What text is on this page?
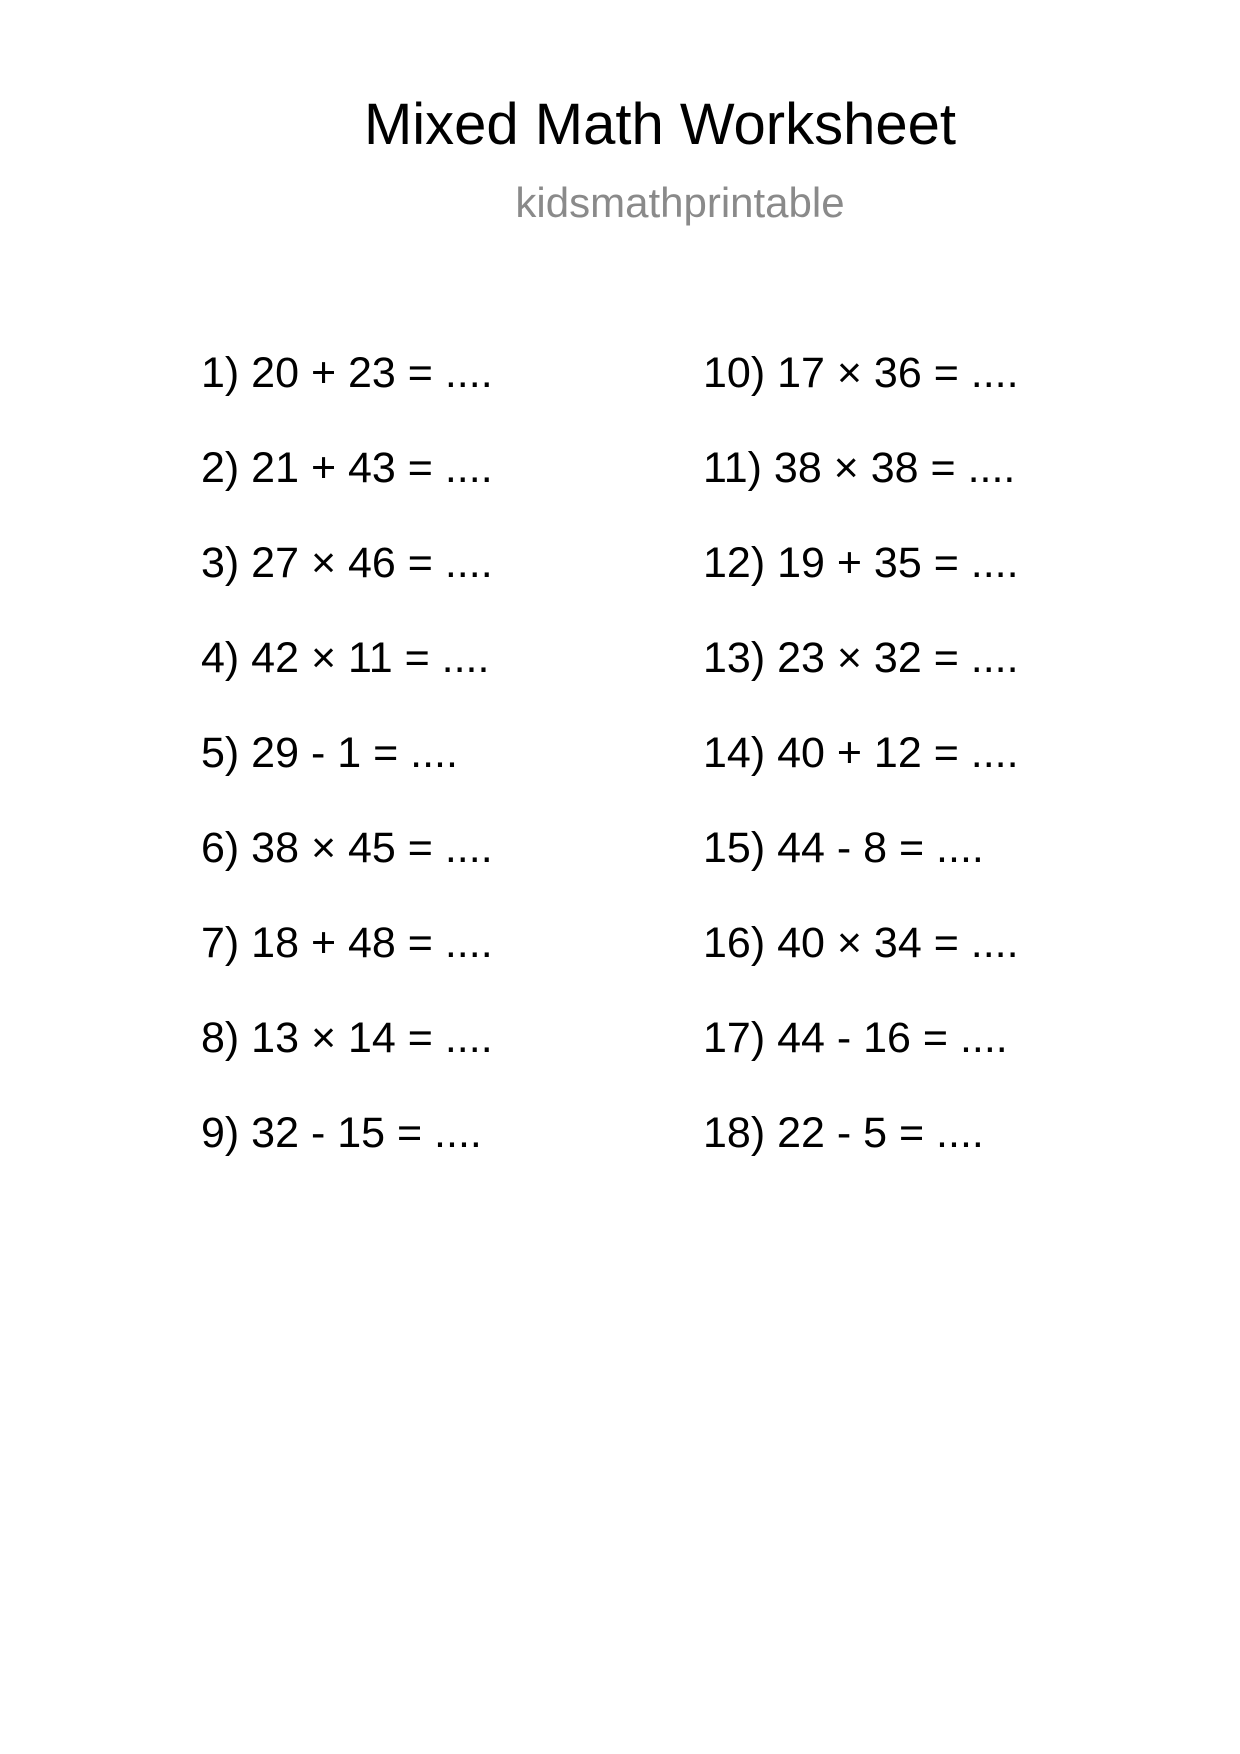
Mixed Math Worksheet
kidsmathprintable
1) 20 + 23 = ....
2) 21 + 43 = ....
3) 27 × 46 = ....
4) 42 × 11 = ....
5) 29 - 1 = ....
6) 38 × 45 = ....
7) 18 + 48 = ....
8) 13 × 14 = ....
9) 32 - 15 = ....
10) 17 × 36 = ....
11) 38 × 38 = ....
12) 19 + 35 = ....
13) 23 × 32 = ....
14) 40 + 12 = ....
15) 44 - 8 = ....
16) 40 × 34 = ....
17) 44 - 16 = ....
18) 22 - 5 = ....
